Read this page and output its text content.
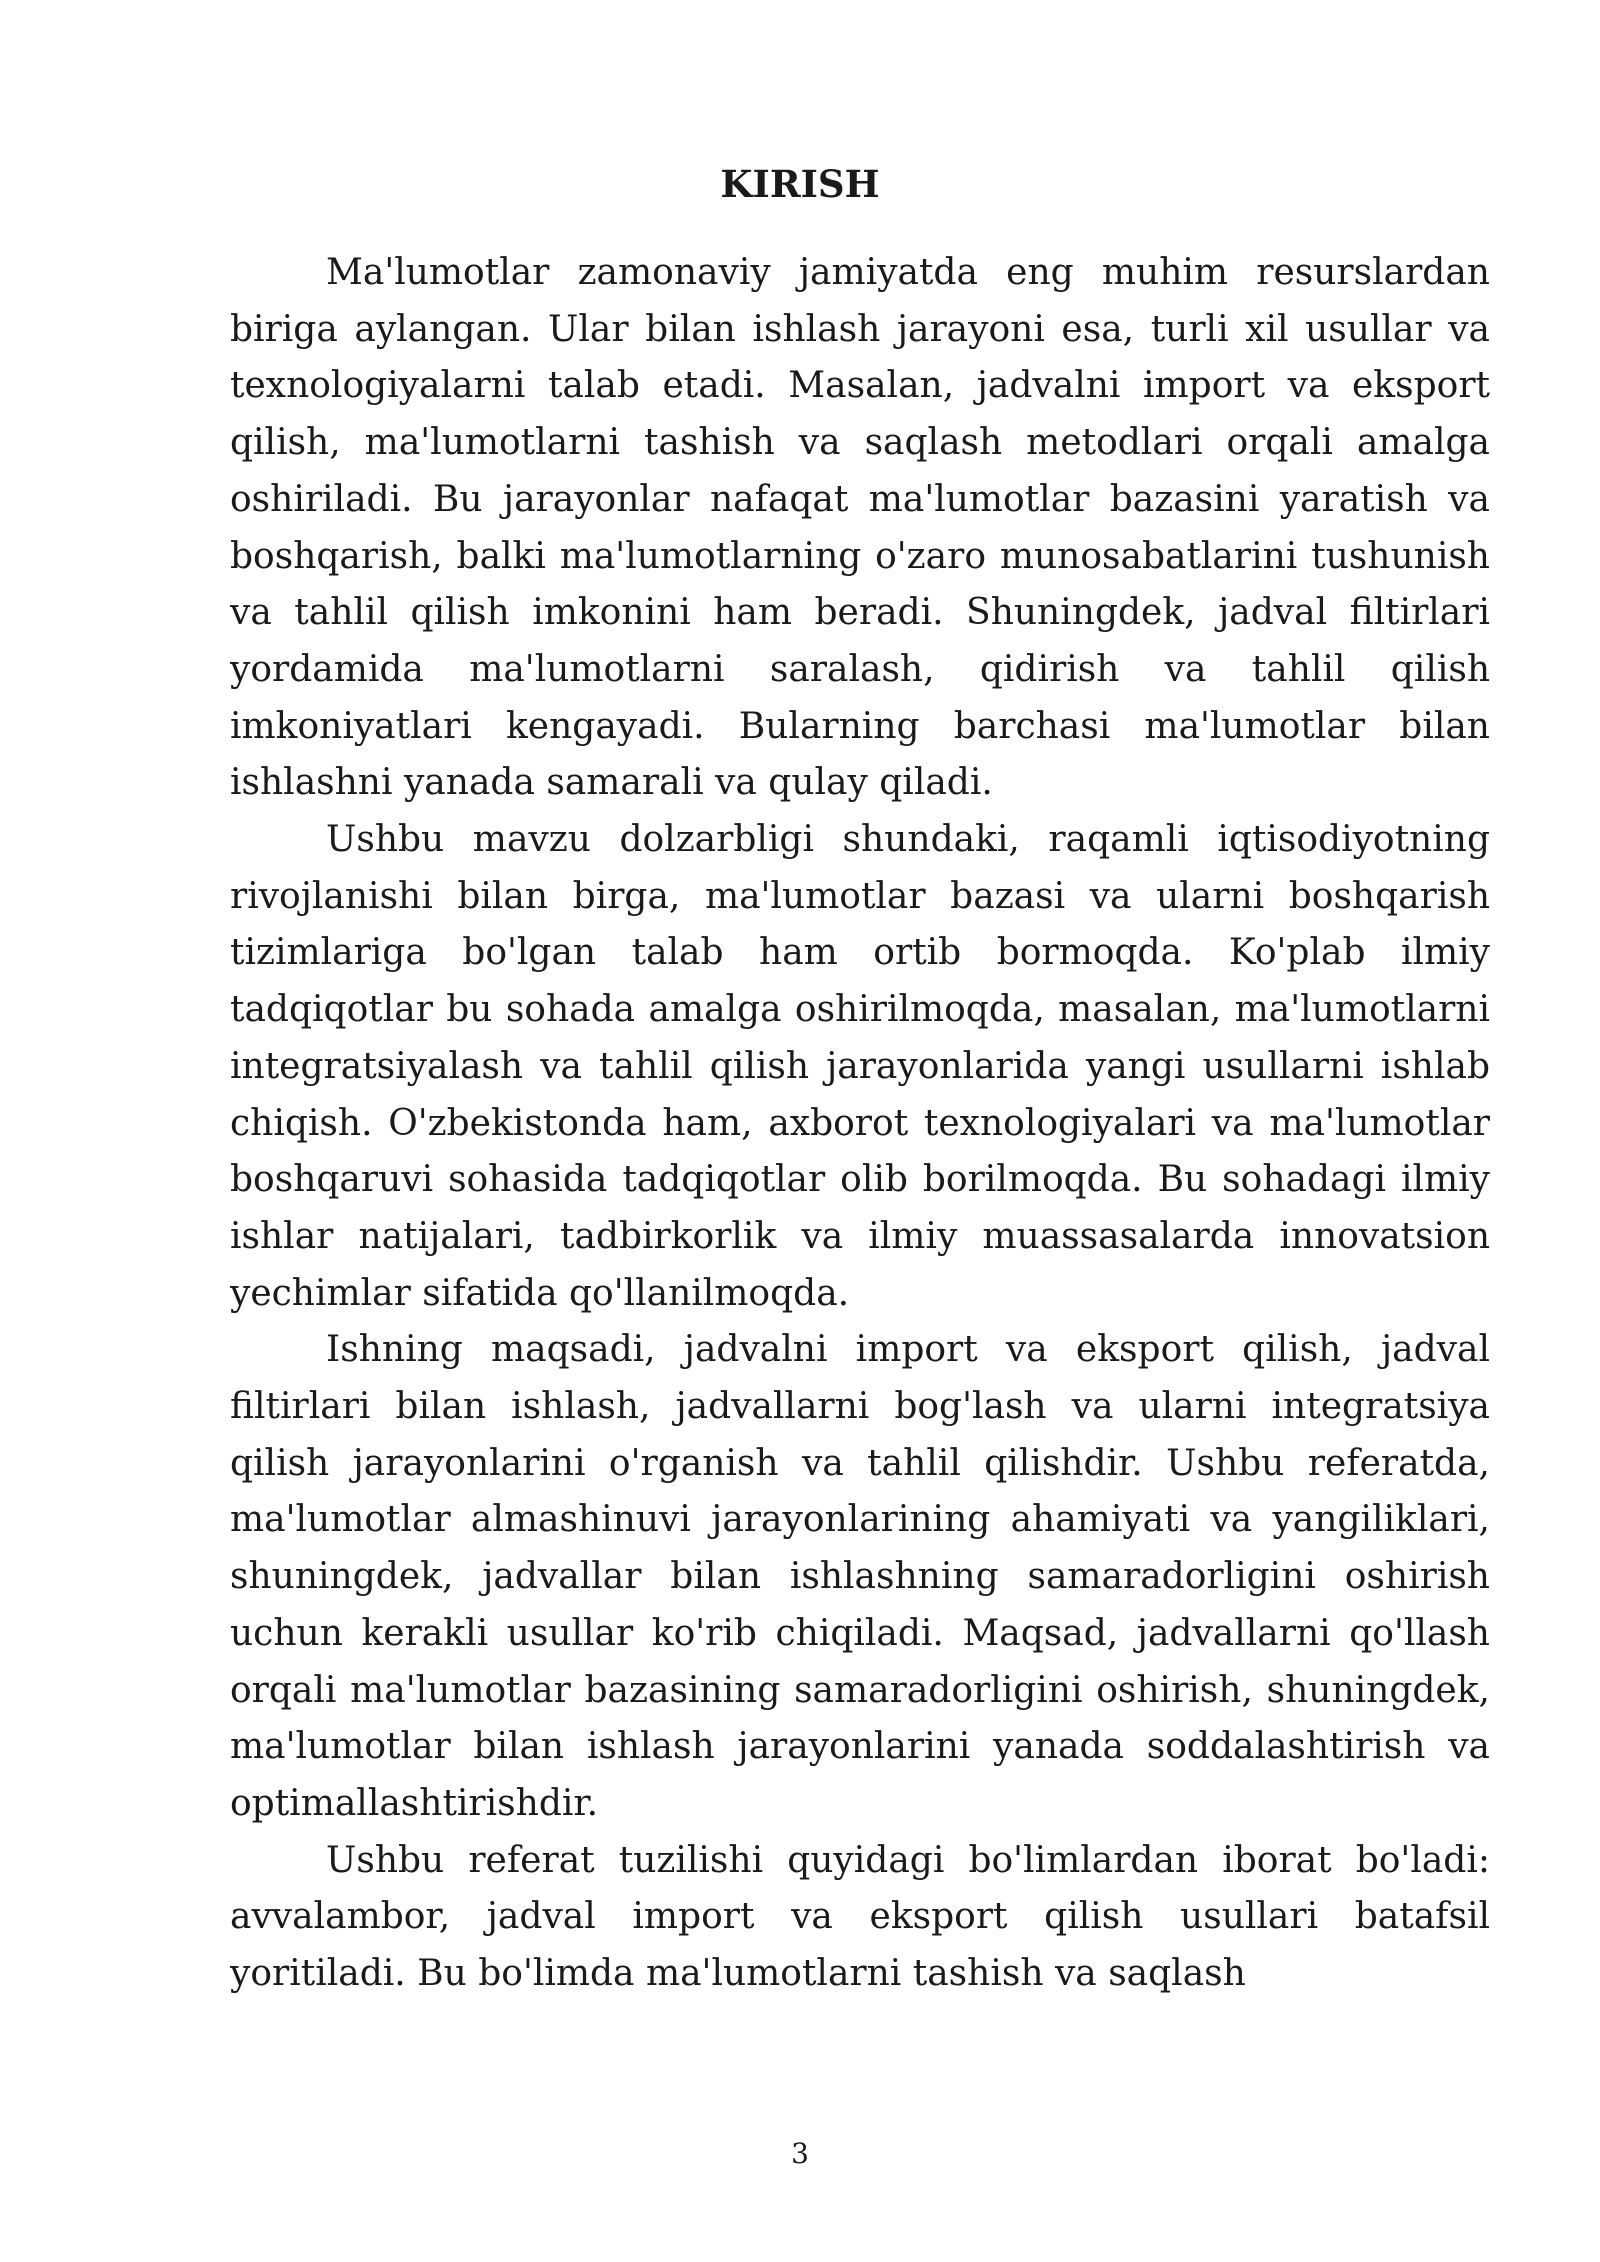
KIRISH

Ma'lumotlar zamonaviy jamiyatda eng muhim resurslardan biriga aylangan. Ular bilan ishlash jarayoni esa, turli xil usullar va texnologiyalarni talab etadi. Masalan, jadvalni import va eksport qilish, ma'lumotlarni tashish va saqlash metodlari orqali amalga oshiriladi. Bu jarayonlar nafaqat ma'lumotlar bazasini yaratish va boshqarish, balki ma'lumotlarning o'zaro munosabatlarini tushunish va tahlil qilish imkonini ham beradi. Shuningdek, jadval filtirlari yordamida ma'lumotlarni saralash, qidirish va tahlil qilish imkoniyatlari kengayadi. Bularning barchasi ma'lumotlar bilan ishlashni yanada samarali va qulay qiladi.

Ushbu mavzu dolzarbligi shundaki, raqamli iqtisodiyotning rivojlanishi bilan birga, ma'lumotlar bazasi va ularni boshqarish tizimlariga bo'lgan talab ham ortib bormoqda. Ko'plab ilmiy tadqiqotlar bu sohada amalga oshirilmoqda, masalan, ma'lumotlarni integratsiyalash va tahlil qilish jarayonlarida yangi usullarni ishlab chiqish. O'zbekistonda ham, axborot texnologiyalari va ma'lumotlar boshqaruvi sohasida tadqiqotlar olib borilmoqda. Bu sohadagi ilmiy ishlar natijalari, tadbirkorlik va ilmiy muassasalarda innovatsion yechimlar sifatida qo'llanilmoqda.

Ishning maqsadi, jadvalni import va eksport qilish, jadval filtirlari bilan ishlash, jadvallarni bog'lash va ularni integratsiya qilish jarayonlarini o'rganish va tahlil qilishdir. Ushbu referatda, ma'lumotlar almashinuvi jarayonlarining ahamiyati va yangiliklari, shuningdek, jadvallar bilan ishlashning samaradorligini oshirish uchun kerakli usullar ko'rib chiqiladi. Maqsad, jadvallarni qo'llash orqali ma'lumotlar bazasining samaradorligini oshirish, shuningdek, ma'lumotlar bilan ishlash jarayonlarini yanada soddalashtirish va optimallashtirishdir.

Ushbu referat tuzilishi quyidagi bo'limlardan iborat bo'ladi: avvalambor, jadval import va eksport qilish usullari batafsil yoritiladi. Bu bo'limda ma'lumotlarni tashish va saqlash

3
